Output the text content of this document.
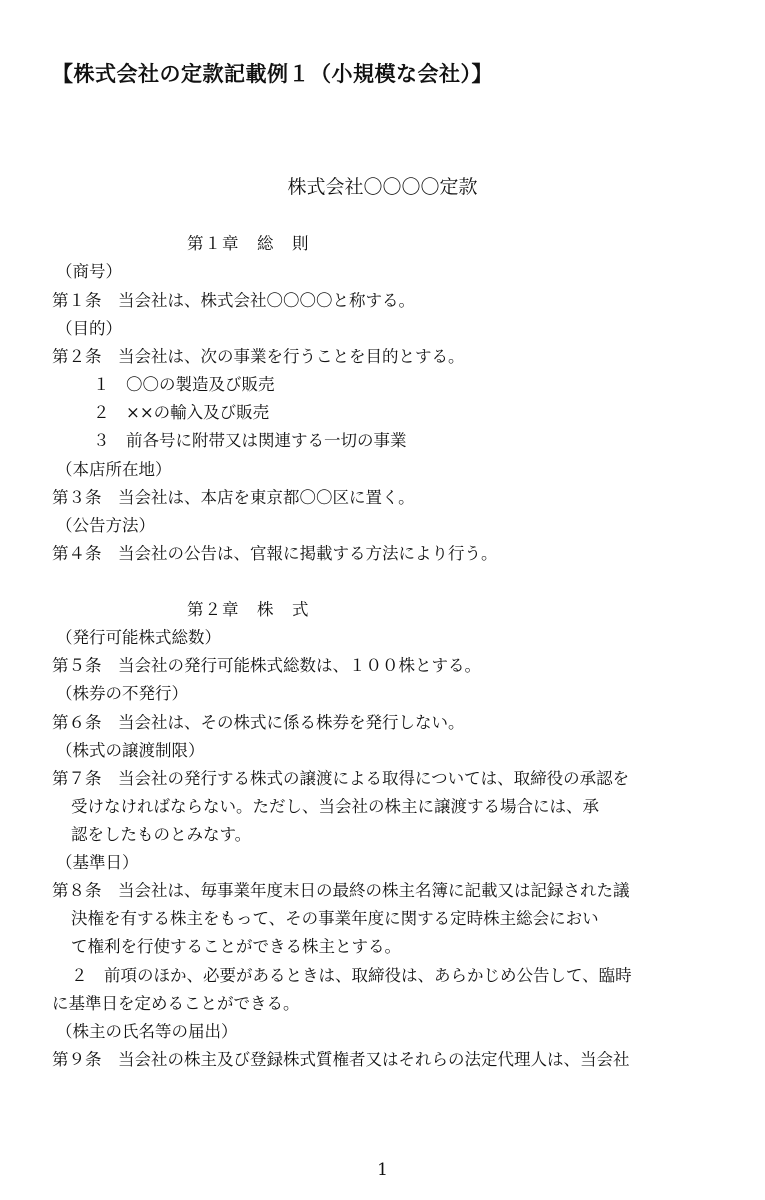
【株式会社の定款記載例１（小規模な会社）】
株式会社〇〇〇〇定款
第１章　総　則
（商号）
第１条　当会社は、株式会社〇〇〇〇と称する。
（目的）
第２条　当会社は、次の事業を行うことを目的とする。
１　〇〇の製造及び販売
２　××の輸入及び販売
３　前各号に附帯又は関連する一切の事業
（本店所在地）
第３条　当会社は、本店を東京都〇〇区に置く。
（公告方法）
第４条　当会社の公告は、官報に掲載する方法により行う。
第２章　株　式
（発行可能株式総数）
第５条　当会社の発行可能株式総数は、１００株とする。
（株券の不発行）
第６条　当会社は、その株式に係る株券を発行しない。
（株式の譲渡制限）
第７条　当会社の発行する株式の譲渡による取得については、取締役の承認を
受けなければならない。ただし、当会社の株主に譲渡する場合には、承
認をしたものとみなす。
（基準日）
第８条　当会社は、毎事業年度末日の最終の株主名簿に記載又は記録された議
決権を有する株主をもって、その事業年度に関する定時株主総会におい
て権利を行使することができる株主とする。
２　前項のほか、必要があるときは、取締役は、あらかじめ公告して、臨時
に基準日を定めることができる。
（株主の氏名等の届出）
第９条　当会社の株主及び登録株式質権者又はそれらの法定代理人は、当会社
1
